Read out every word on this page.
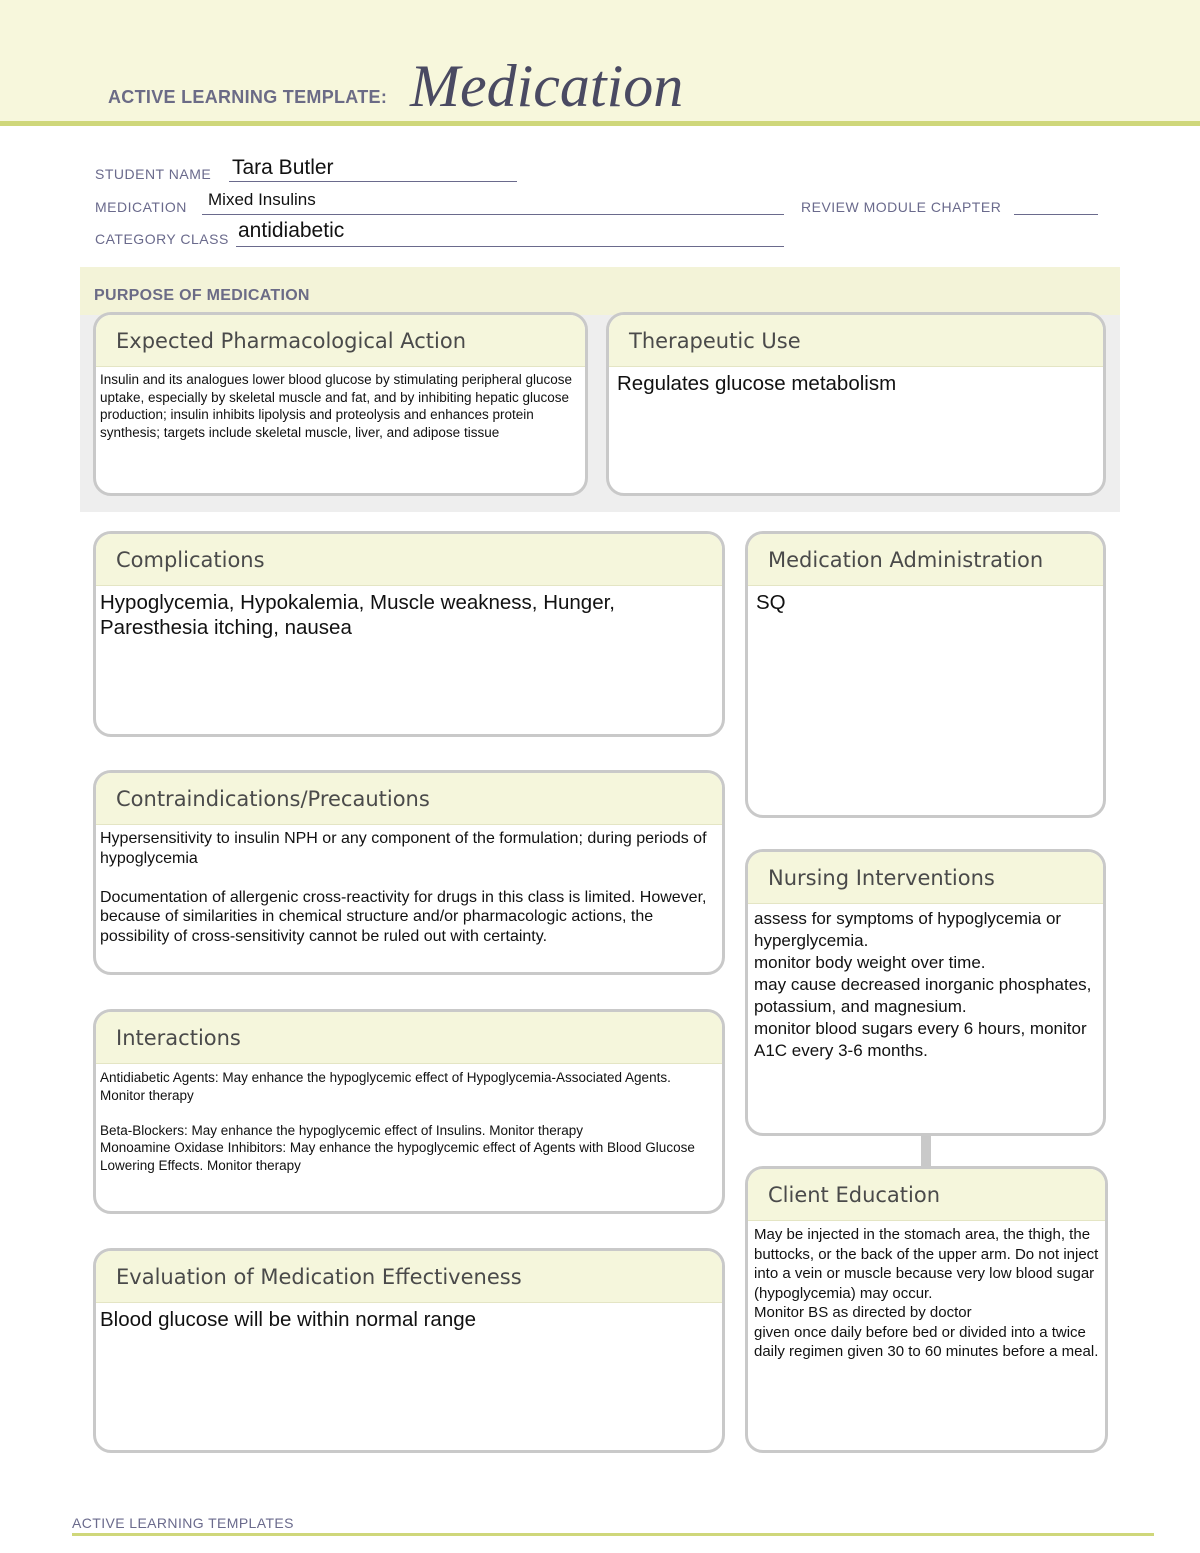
ACTIVE LEARNING TEMPLATE: Medication
STUDENT NAME Tara Butler
MEDICATION Mixed Insulins	REVIEW MODULE CHAPTER
CATEGORY CLASS antidiabetic
PURPOSE OF MEDICATION
Expected Pharmacological Action
Insulin and its analogues lower blood glucose by stimulating peripheral glucose uptake, especially by skeletal muscle and fat, and by inhibiting hepatic glucose production; insulin inhibits lipolysis and proteolysis and enhances protein synthesis; targets include skeletal muscle, liver, and adipose tissue
Therapeutic Use
Regulates glucose metabolism
Complications
Hypoglycemia, Hypokalemia, Muscle weakness, Hunger, Paresthesia itching, nausea
Medication Administration
SQ
Contraindications/Precautions
Hypersensitivity to insulin NPH or any component of the formulation; during periods of hypoglycemia

Documentation of allergenic cross-reactivity for drugs in this class is limited. However, because of similarities in chemical structure and/or pharmacologic actions, the possibility of cross-sensitivity cannot be ruled out with certainty.
Nursing Interventions
assess for symptoms of hypoglycemia or hyperglycemia.
monitor body weight over time.
may cause decreased inorganic phosphates, potassium, and magnesium.
monitor blood sugars every 6 hours, monitor A1C every 3-6 months.
Interactions
Antidiabetic Agents: May enhance the hypoglycemic effect of Hypoglycemia-Associated Agents. Monitor therapy

Beta-Blockers: May enhance the hypoglycemic effect of Insulins. Monitor therapy
Monoamine Oxidase Inhibitors: May enhance the hypoglycemic effect of Agents with Blood Glucose Lowering Effects. Monitor therapy
Client Education
May be injected in the stomach area, the thigh, the buttocks, or the back of the upper arm. Do not inject into a vein or muscle because very low blood sugar (hypoglycemia) may occur.
Monitor BS as directed by doctor
given once daily before bed or divided into a twice daily regimen given 30 to 60 minutes before a meal.
Evaluation of Medication Effectiveness
Blood glucose will be within normal range
ACTIVE LEARNING TEMPLATES
